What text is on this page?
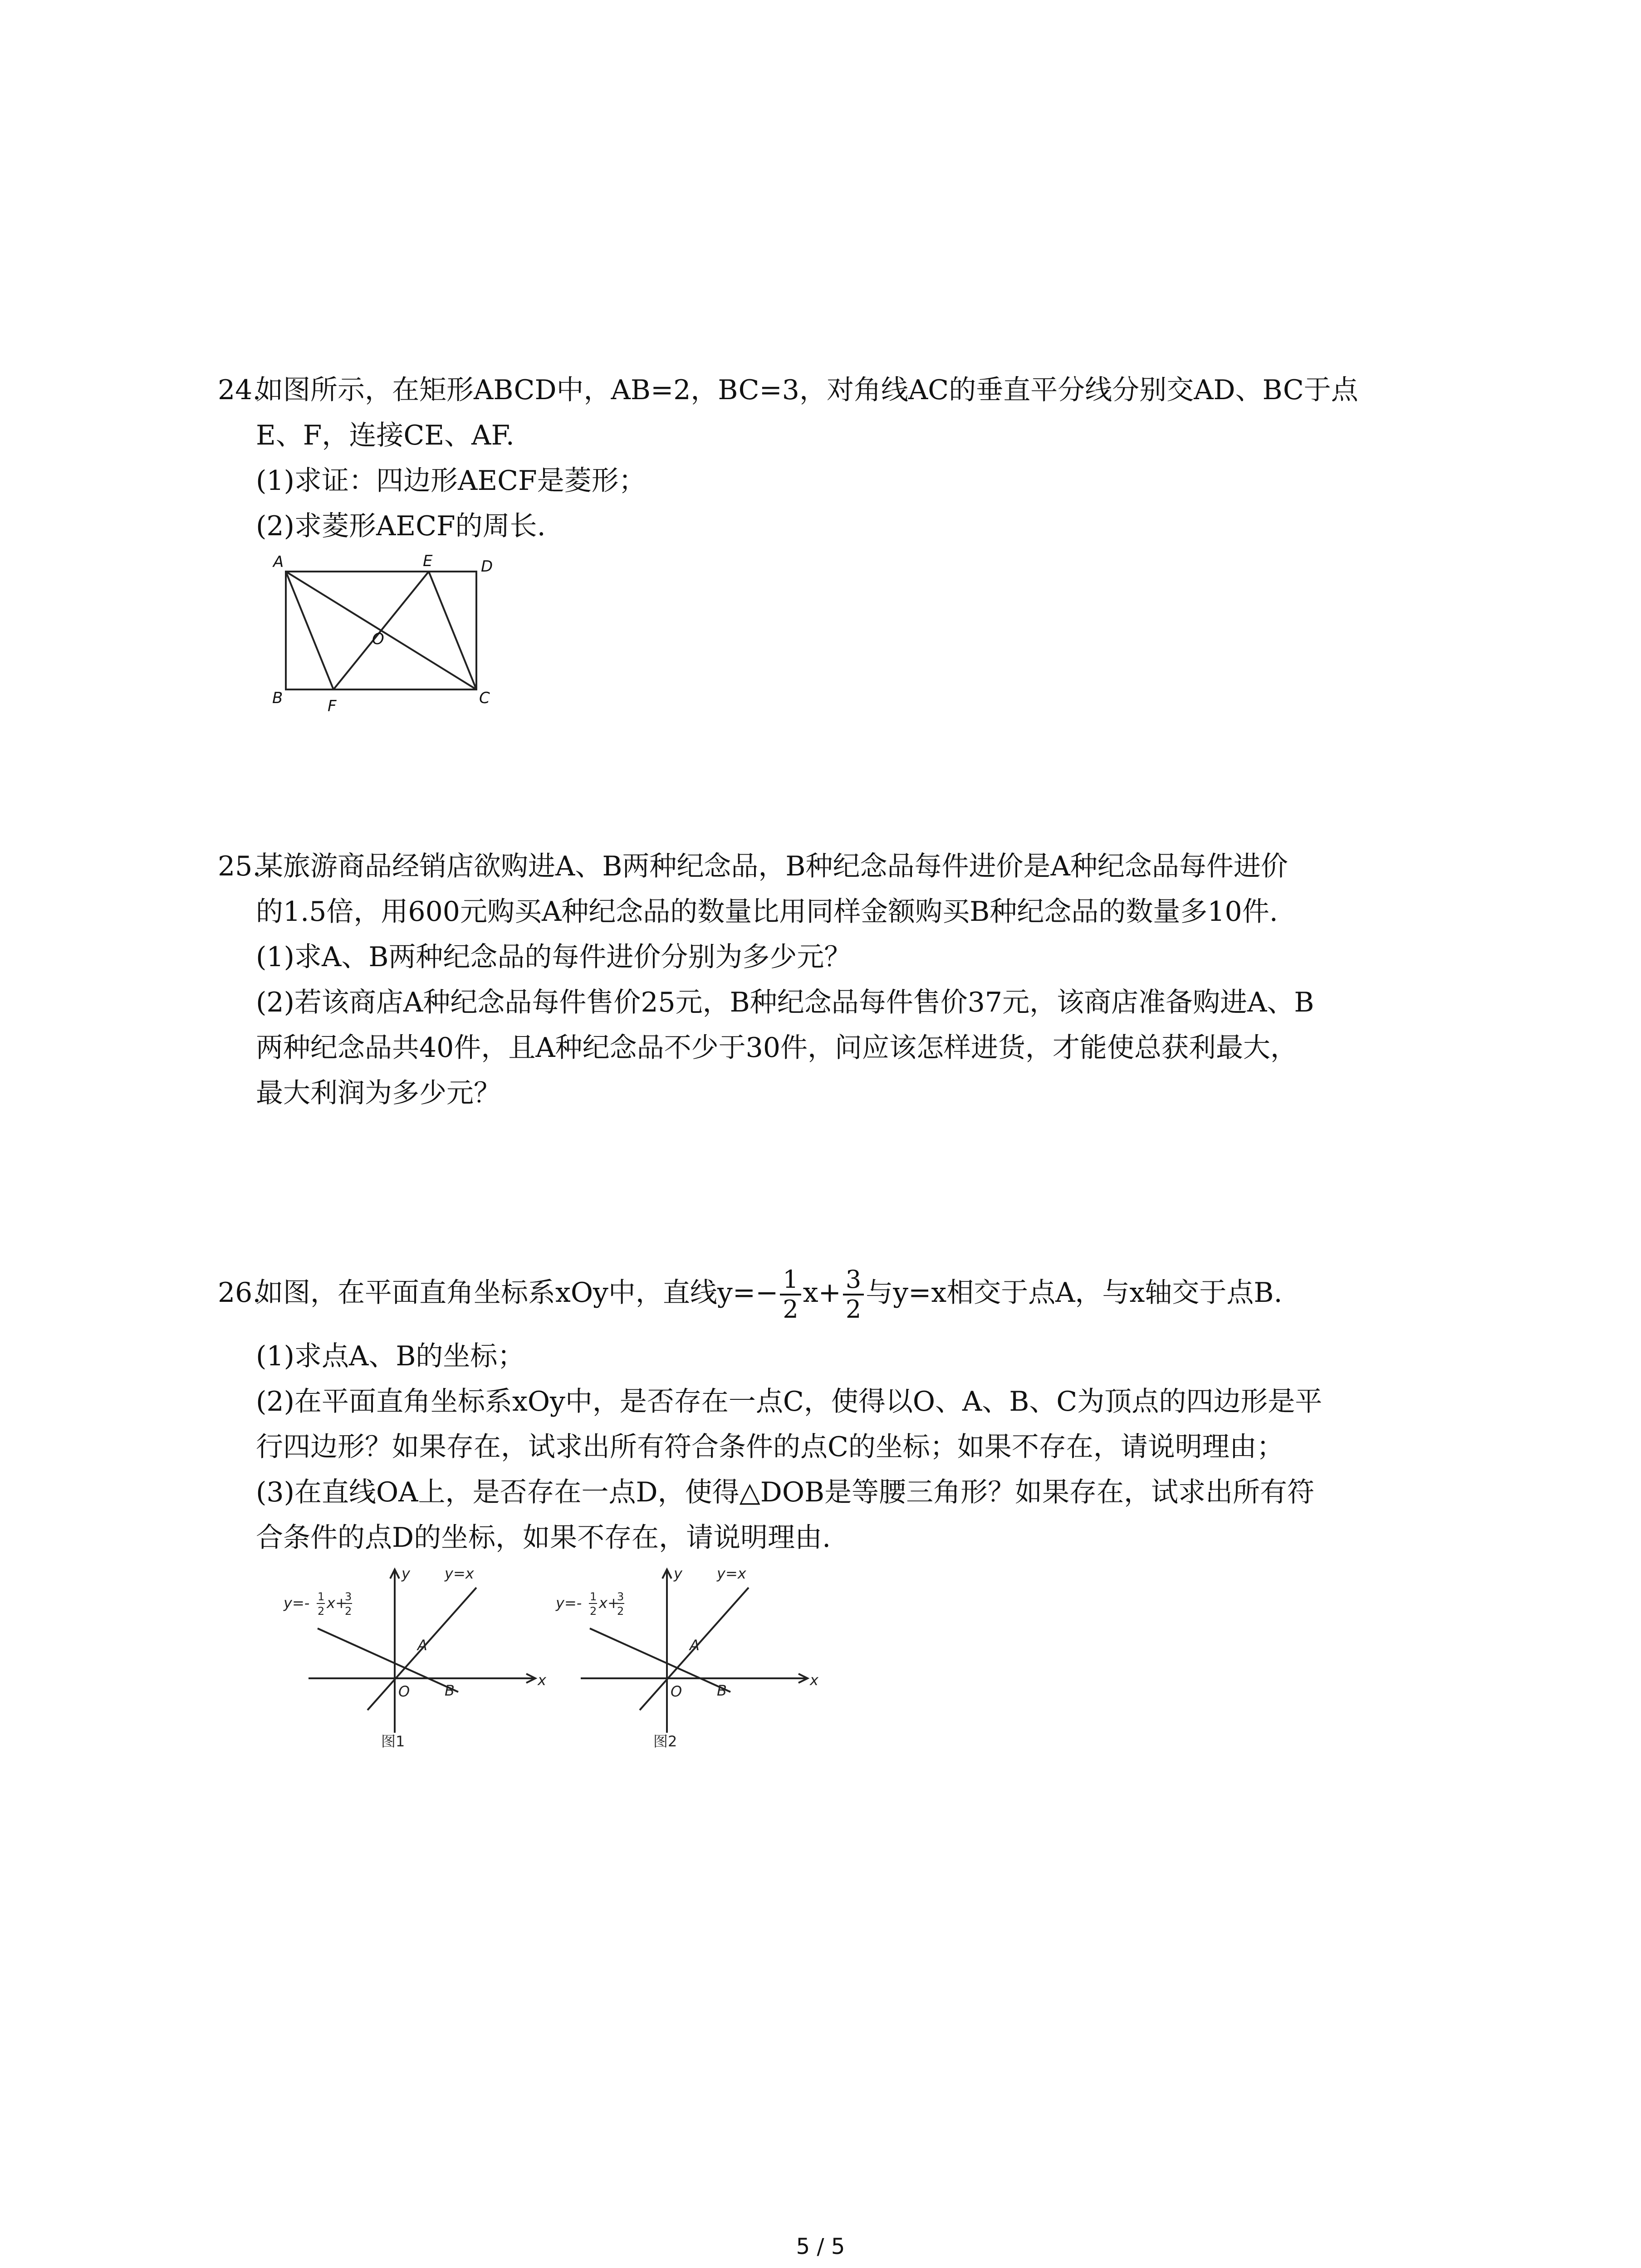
24.
如图所示，在矩形ABCD中，AB=2，BC=3，对角线AC的垂直平分线分别交AD、BC于点
E、F，连接CE、AF.
(1)求证：四边形AECF是菱形；
(2)求菱形AECF的周长.
A
B	C
D
E
F
O
25.
某旅游商品经销店欲购进A、B两种纪念品，B种纪念品每件进价是A种纪念品每件进价
的1.5倍，用600元购买A种纪念品的数量比用同样金额购买B种纪念品的数量多10件.
(1)求A、B两种纪念品的每件进价分别为多少元？
(2)若该商店A种纪念品每件售价25元，B种纪念品每件售价37元，该商店准备购进A、B
两种纪念品共40件，且A种纪念品不少于30件，问应该怎样进货，才能使总获利最大，
最大利润为多少元？
26.
如图，在平面直角坐标系xOy中，直线$y=- \frac{1}{2} x+ \frac{3}{2}$ 与y=x相交于点A，与x轴交于点B.
(1)求点A、B的坐标；
(2)在平面直角坐标系xOy中，是否存在一点C，使得以O、A、B、C为顶点的四边形是平
行四边形？如果存在，试求出所有符合条件的点C的坐标；如果不存在，请说明理由；
(3)在直线OA上，是否存在一点D，使得△DOB是等腰三角形？如果存在，试求出所有符
合条件的点D的坐标，如果不存在，请说明理由.
y
x
y=x
A
O B
y=- 1
2 x+
3
2
图1
y
x
y=x
A
O B
y=- 1
2 x+
3
2
图2
5 / 5
